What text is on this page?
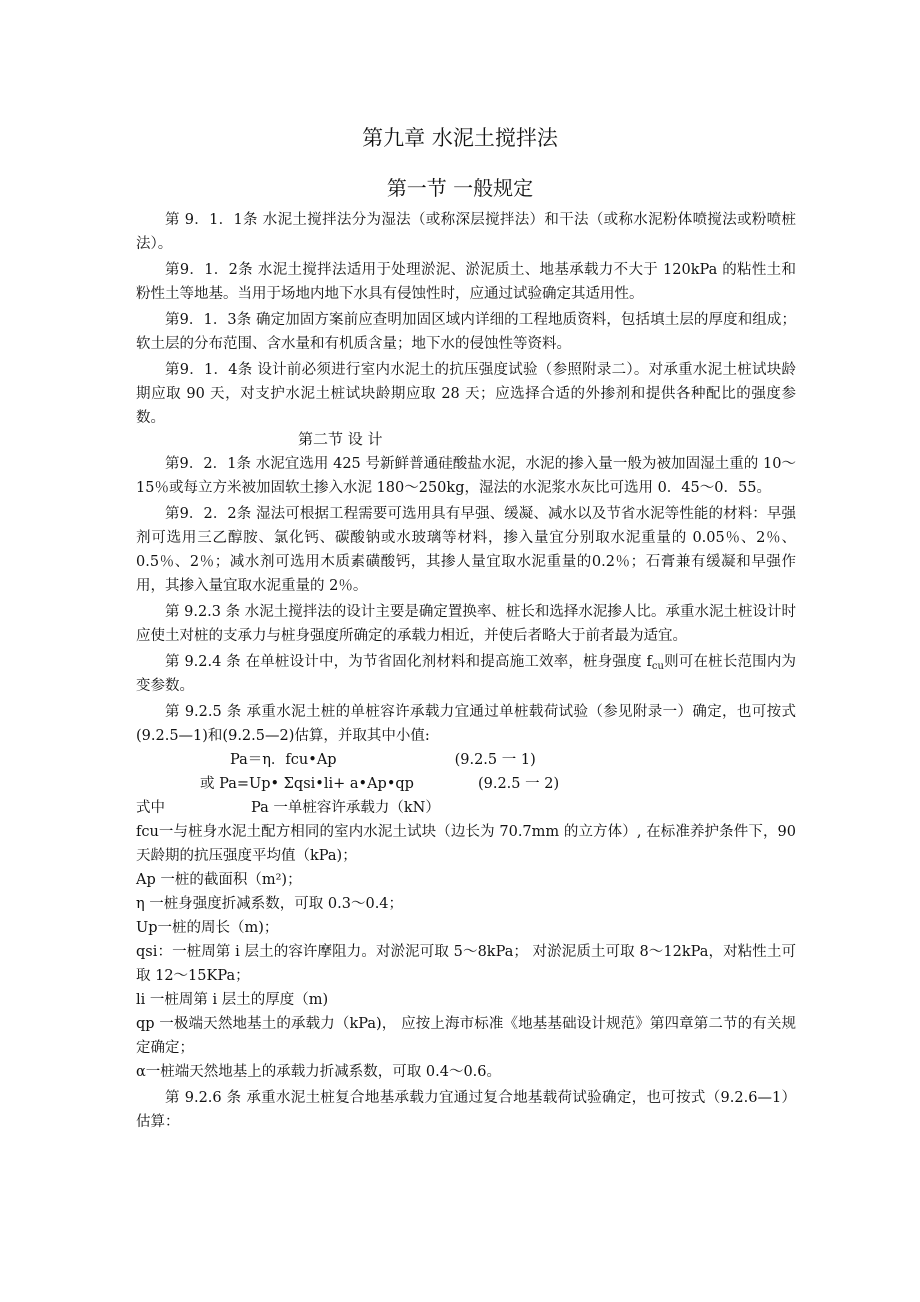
第九章 水泥土搅拌法
第一节 一般规定
第二节 设 计

第 9．1．1条 水泥土搅拌法分为湿法（或称深层搅拌法）和干法（或称水泥粉体喷搅法或粉喷桩法）。

第9．1．2条 水泥土搅拌法适用于处理淤泥、淤泥质土、地基承载力不大于 120kPa 的粘性土和粉性土等地基。当用于场地内地下水具有侵蚀性时，应通过试验确定其适用性。

第9．1．3条 确定加固方案前应查明加固区域内详细的工程地质资料，包括填土层的厚度和组成；软土层的分布范围、含水量和有机质含量；地下水的侵蚀性等资料。

第9．1．4条 设计前必须进行室内水泥土的抗压强度试验（参照附录二）。对承重水泥土桩试块龄期应取 90 天，对支护水泥土桩试块龄期应取 28 天；应选择合适的外掺剂和提供各种配比的强度参数。

第9．2．1条 水泥宜选用 425 号新鲜普通硅酸盐水泥，水泥的掺入量一般为被加固湿土重的 10～15％或每立方米被加固软土掺入水泥 180～250kg，湿法的水泥浆水灰比可选用 0．45～0．55。

第9．2．2条 湿法可根据工程需要可选用具有早强、缓凝、减水以及节省水泥等性能的材料：早强剂可选用三乙醇胺、氯化钙、碳酸钠或水玻璃等材料，掺入量宜分别取水泥重量的 0.05％、2％、0.5％、2％；减水剂可选用木质素磺酸钙，其掺人量宜取水泥重量的0.2％；石膏兼有缓凝和早强作用，其掺入量宜取水泥重量的 2％。

第 9.2.3 条 水泥土搅拌法的设计主要是确定置换率、桩长和选择水泥掺人比。承重水泥土桩设计时应使土对桩的支承力与桩身强度所确定的承载力相近，并使后者略大于前者最为适宜。

第 9.2.4 条 在单桩设计中，为节省固化剂材料和提高施工效率，桩身强度 $f_{cu}$则可在桩长范围内为变参数。

第 9.2.5 条 承重水泥土桩的单桩容许承载力宜通过单桩载荷试验（参见附录一）确定，也可按式(9.2.5—1)和(9.2.5—2)估算，并取其中小值:

Pa＝η．fcu•Ap	(9.2.5 一 1)
或 Pa=Up• Σqsi•li+ a•Ap•qp	(9.2.5 一 2)
式中	Pa 一单桩容许承载力（kN）

fcu一与桩身水泥土配方相同的室内水泥土试块（边长为 70.7mm 的立方体）, 在标准养护条件下，90 天龄期的抗压强度平均值（kPa)；

Ap 一桩的截面积（m²)；

η 一桩身强度折减系数，可取 0.3～0.4；

Up一桩的周长（m)；

qsi：一桩周第 i 层土的容许摩阻力。对淤泥可取 5～8kPa； 对淤泥质土可取 8～12kPa，对粘性土可取 12～15KPa；

li 一桩周第 i 层土的厚度（m)

qp 一极端天然地基土的承载力（kPa)， 应按上海市标准《地基基础设计规范》第四章第二节的有关规定确定；

α一桩端天然地基上的承载力折减系数，可取 0.4～0.6。

第 9.2.6 条 承重水泥土桩复合地基承载力宜通过复合地基载荷试验确定，也可按式（9.2.6—1）估算：
